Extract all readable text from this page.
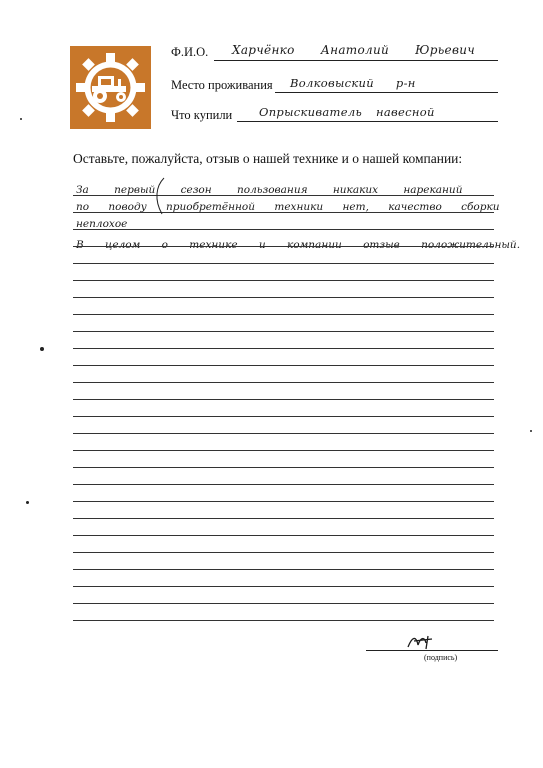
Ф.И.О. Харчёнко Анатолий Юрьевич
Место проживания Волковыский р-н
Что купили Опрыскиватель навесной
Оставьте, пожалуйста, отзыв о нашей технике и о нашей компании:
За первый сезон пользования никаких нареканий
по поводу приобретённой техники нет, качество сборки
неплохое
В целом о технике и компании отзыв положительный.
(подпись)
